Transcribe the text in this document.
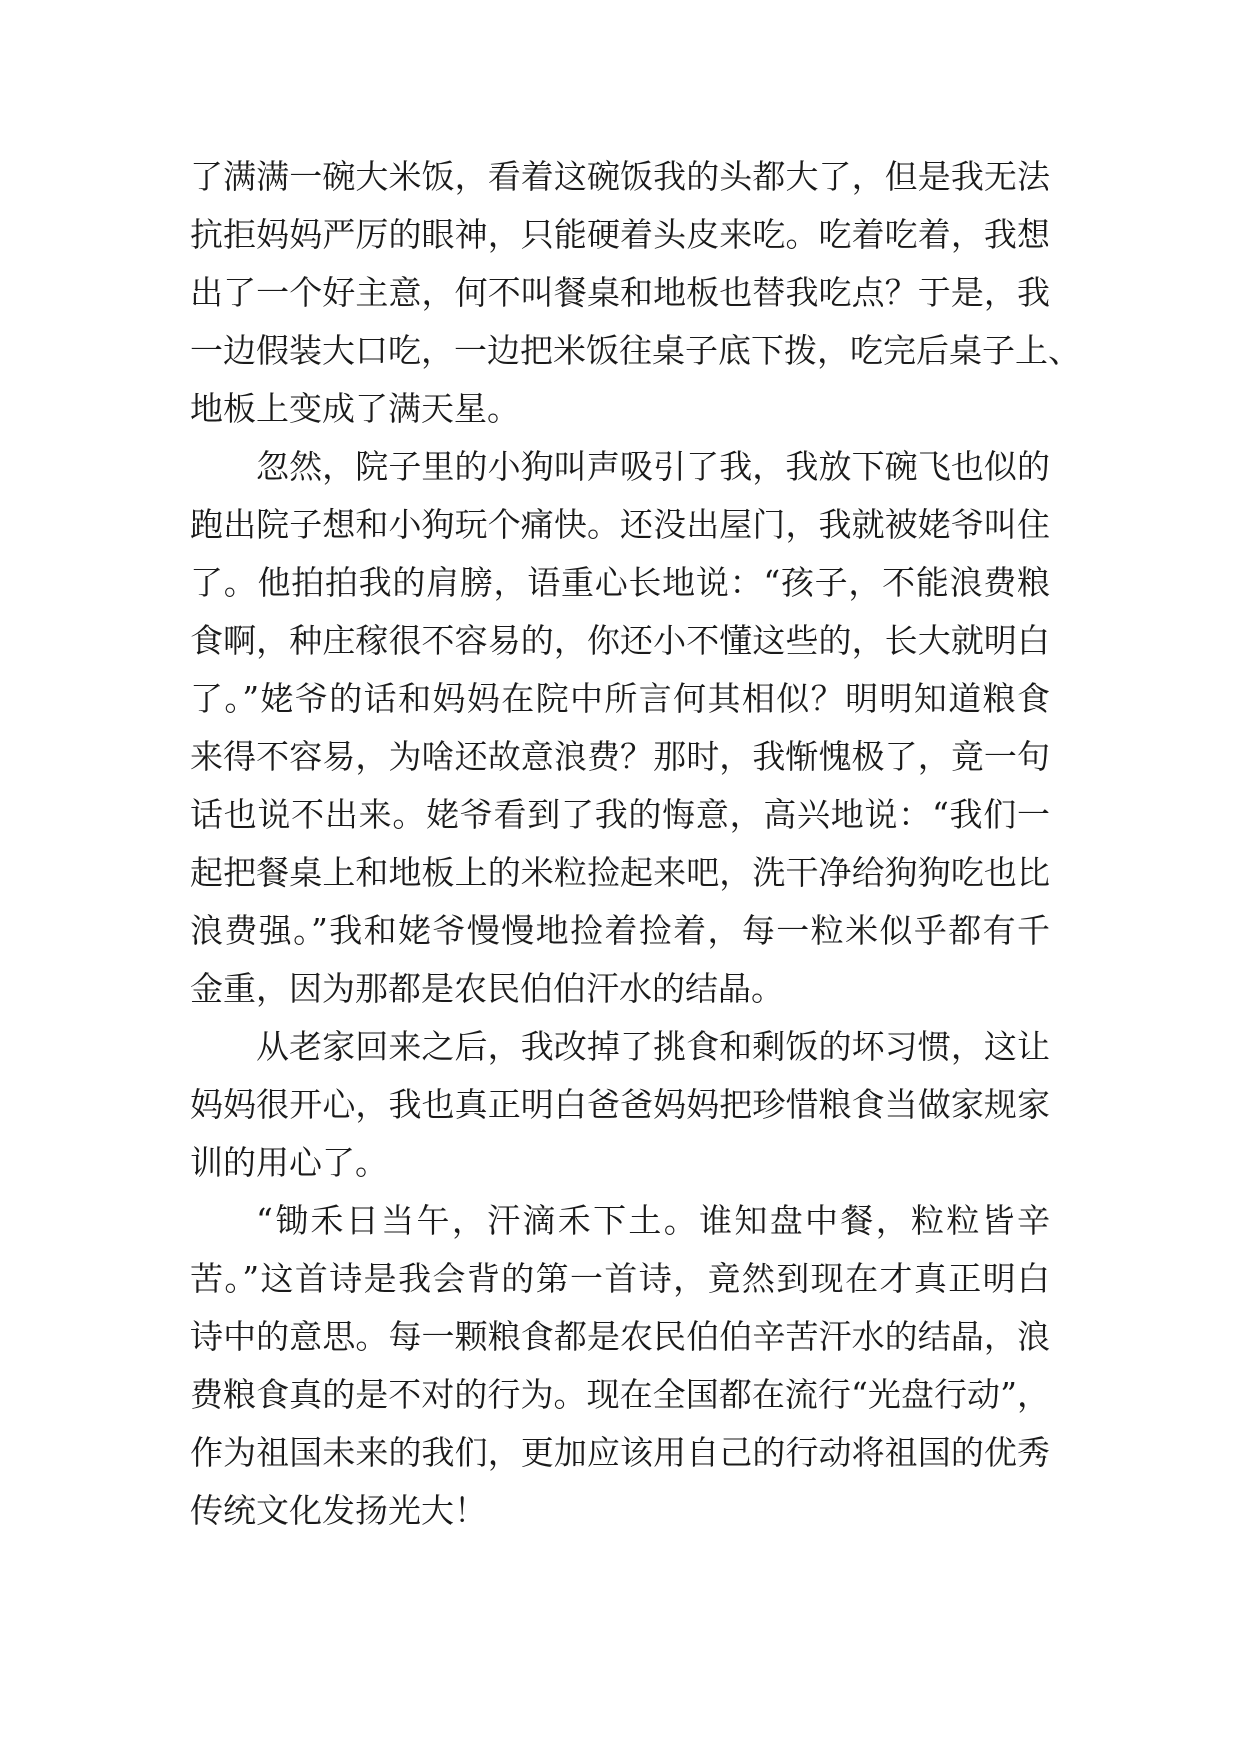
了满满一碗大米饭，看着这碗饭我的头都大了，但是我无法
抗拒妈妈严厉的眼神，只能硬着头皮来吃。吃着吃着，我想
出了一个好主意，何不叫餐桌和地板也替我吃点？于是，我
一边假装大口吃，一边把米饭往桌子底下拨，吃完后桌子上、
地板上变成了满天星。
忽然，院子里的小狗叫声吸引了我，我放下碗飞也似的
跑出院子想和小狗玩个痛快。还没出屋门，我就被姥爷叫住
了。他拍拍我的肩膀，语重心长地说：“孩子，不能浪费粮
食啊，种庄稼很不容易的，你还小不懂这些的，长大就明白
了。”姥爷的话和妈妈在院中所言何其相似？明明知道粮食
来得不容易，为啥还故意浪费？那时，我惭愧极了，竟一句
话也说不出来。姥爷看到了我的悔意，高兴地说：“我们一
起把餐桌上和地板上的米粒捡起来吧，洗干净给狗狗吃也比
浪费强。”我和姥爷慢慢地捡着捡着，每一粒米似乎都有千
金重，因为那都是农民伯伯汗水的结晶。
从老家回来之后，我改掉了挑食和剩饭的坏习惯，这让
妈妈很开心，我也真正明白爸爸妈妈把珍惜粮食当做家规家
训的用心了。
“锄禾日当午，汗滴禾下土。谁知盘中餐，粒粒皆辛
苦。”这首诗是我会背的第一首诗，竟然到现在才真正明白
诗中的意思。每一颗粮食都是农民伯伯辛苦汗水的结晶，浪
费粮食真的是不对的行为。现在全国都在流行“光盘行动”，
作为祖国未来的我们，更加应该用自己的行动将祖国的优秀
传统文化发扬光大！
